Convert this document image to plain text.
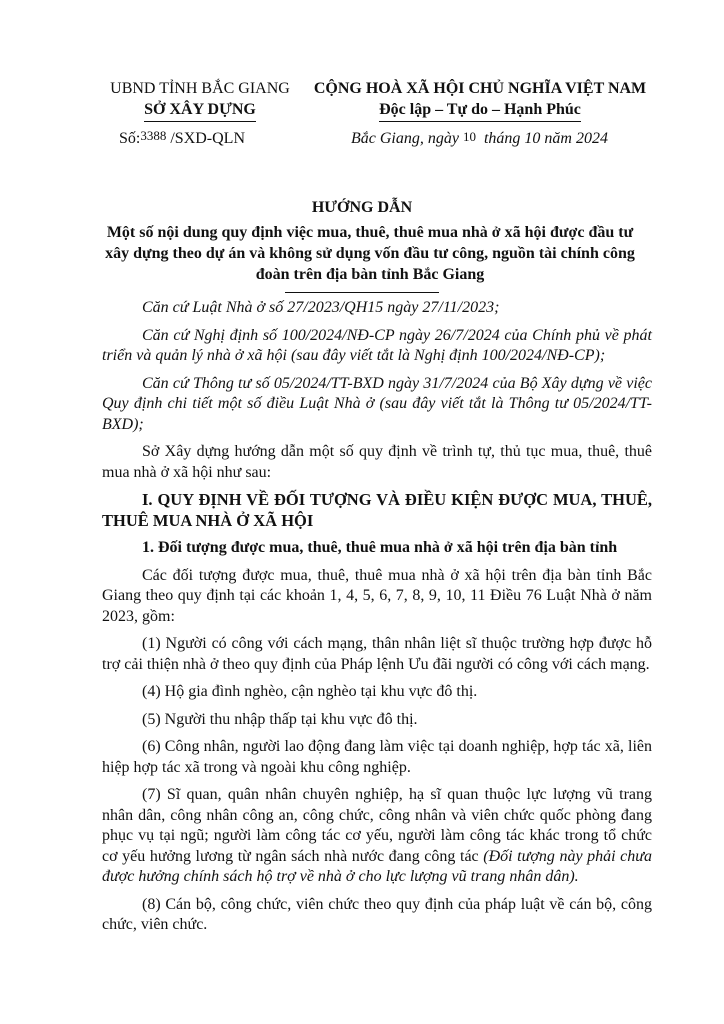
UBND TỈNH BẮC GIANG
SỞ XÂY DỰNG
CỘNG HOÀ XÃ HỘI CHỦ NGHĨA VIỆT NAM
Độc lập – Tự do – Hạnh Phúc
Số:3388 /SXD-QLN	Bắc Giang, ngày 10 tháng 10 năm 2024
HƯỚNG DẪN
Một số nội dung quy định việc mua, thuê, thuê mua nhà ở xã hội được đầu tư xây dựng theo dự án và không sử dụng vốn đầu tư công, nguồn tài chính công đoàn trên địa bàn tỉnh Bắc Giang

Căn cứ Luật Nhà ở số 27/2023/QH15 ngày 27/11/2023;

Căn cứ Nghị định số 100/2024/NĐ-CP ngày 26/7/2024 của Chính phủ về phát triển và quản lý nhà ở xã hội (sau đây viết tắt là Nghị định 100/2024/NĐ-CP);

Căn cứ Thông tư số 05/2024/TT-BXD ngày 31/7/2024 của Bộ Xây dựng về việc Quy định chi tiết một số điều Luật Nhà ở (sau đây viết tắt là Thông tư 05/2024/TT-BXD);

Sở Xây dựng hướng dẫn một số quy định về trình tự, thủ tục mua, thuê, thuê mua nhà ở xã hội như sau:

I. QUY ĐỊNH VỀ ĐỐI TƯỢNG VÀ ĐIỀU KIỆN ĐƯỢC MUA, THUÊ, THUÊ MUA NHÀ Ở XÃ HỘI

1. Đối tượng được mua, thuê, thuê mua nhà ở xã hội trên địa bàn tỉnh

Các đối tượng được mua, thuê, thuê mua nhà ở xã hội trên địa bàn tỉnh Bắc Giang theo quy định tại các khoản 1, 4, 5, 6, 7, 8, 9, 10, 11 Điều 76 Luật Nhà ở năm 2023, gồm:

(1) Người có công với cách mạng, thân nhân liệt sĩ thuộc trường hợp được hỗ trợ cải thiện nhà ở theo quy định của Pháp lệnh Ưu đãi người có công với cách mạng.

(4) Hộ gia đình nghèo, cận nghèo tại khu vực đô thị.

(5) Người thu nhập thấp tại khu vực đô thị.

(6) Công nhân, người lao động đang làm việc tại doanh nghiệp, hợp tác xã, liên hiệp hợp tác xã trong và ngoài khu công nghiệp.

(7) Sĩ quan, quân nhân chuyên nghiệp, hạ sĩ quan thuộc lực lượng vũ trang nhân dân, công nhân công an, công chức, công nhân và viên chức quốc phòng đang phục vụ tại ngũ; người làm công tác cơ yếu, người làm công tác khác trong tổ chức cơ yếu hưởng lương từ ngân sách nhà nước đang công tác (Đối tượng này phải chưa được hưởng chính sách hộ trợ về nhà ở cho lực lượng vũ trang nhân dân).

(8) Cán bộ, công chức, viên chức theo quy định của pháp luật về cán bộ, công chức, viên chức.
